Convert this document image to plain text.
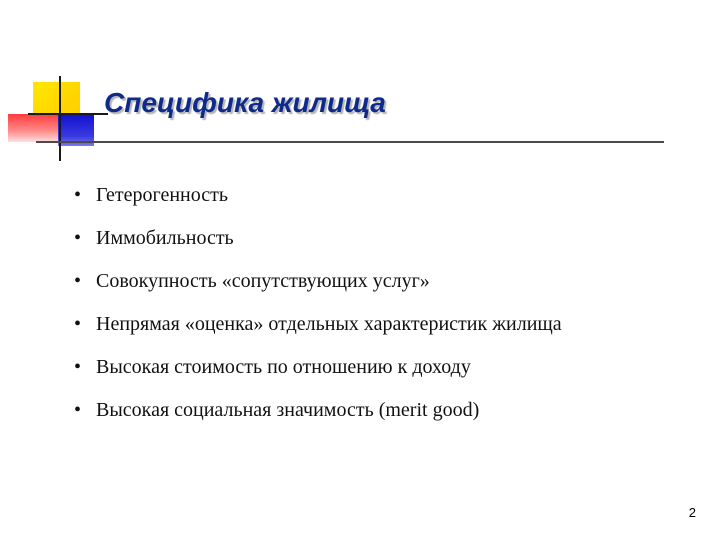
Специфика жилища
• Гетерогенность
• Иммобильность
• Совокупность «сопутствующих услуг»
• Непрямая «оценка» отдельных характеристик жилища
• Высокая стоимость по отношению к доходу
• Высокая социальная значимость (merit good)
2
